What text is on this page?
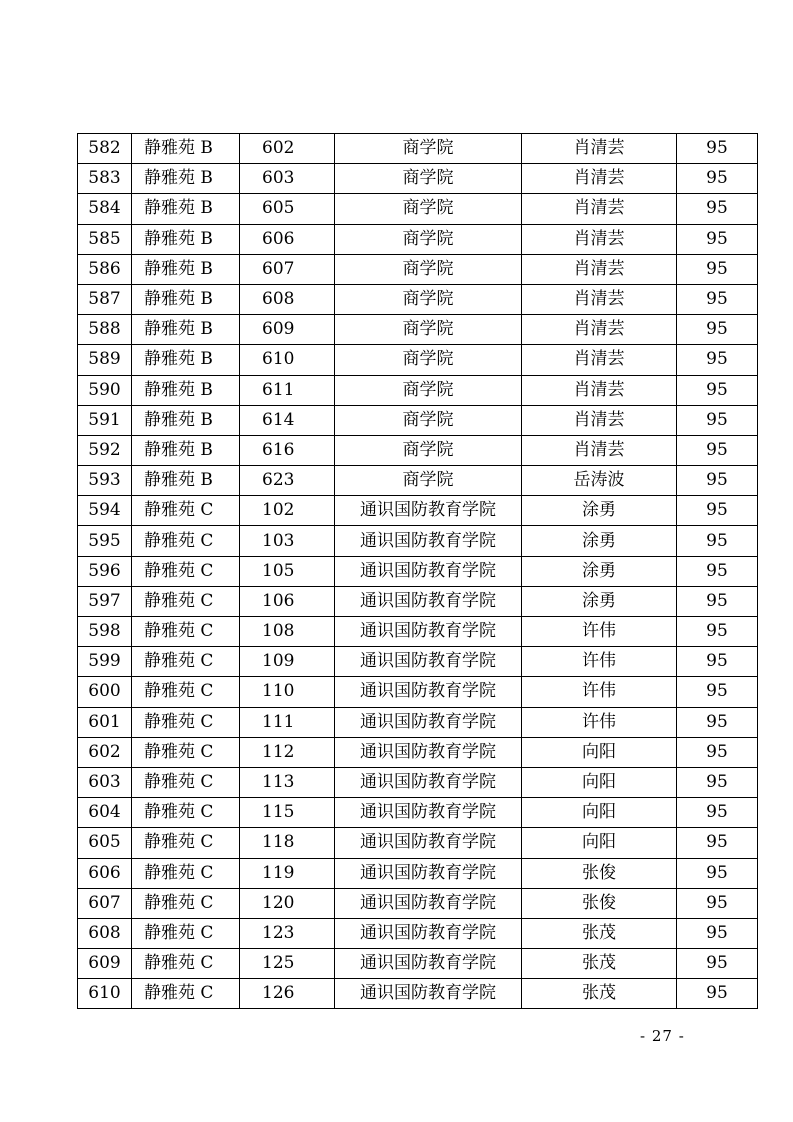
582	静雅苑 B	602	商学院	肖清芸	95
583	静雅苑 B	603	商学院	肖清芸	95
584	静雅苑 B	605	商学院	肖清芸	95
585	静雅苑 B	606	商学院	肖清芸	95
586	静雅苑 B	607	商学院	肖清芸	95
587	静雅苑 B	608	商学院	肖清芸	95
588	静雅苑 B	609	商学院	肖清芸	95
589	静雅苑 B	610	商学院	肖清芸	95
590	静雅苑 B	611	商学院	肖清芸	95
591	静雅苑 B	614	商学院	肖清芸	95
592	静雅苑 B	616	商学院	肖清芸	95
593	静雅苑 B	623	商学院	岳涛波	95
594	静雅苑 C	102	通识国防教育学院	涂勇	95
595	静雅苑 C	103	通识国防教育学院	涂勇	95
596	静雅苑 C	105	通识国防教育学院	涂勇	95
597	静雅苑 C	106	通识国防教育学院	涂勇	95
598	静雅苑 C	108	通识国防教育学院	许伟	95
599	静雅苑 C	109	通识国防教育学院	许伟	95
600	静雅苑 C	110	通识国防教育学院	许伟	95
601	静雅苑 C	111	通识国防教育学院	许伟	95
602	静雅苑 C	112	通识国防教育学院	向阳	95
603	静雅苑 C	113	通识国防教育学院	向阳	95
604	静雅苑 C	115	通识国防教育学院	向阳	95
605	静雅苑 C	118	通识国防教育学院	向阳	95
606	静雅苑 C	119	通识国防教育学院	张俊	95
607	静雅苑 C	120	通识国防教育学院	张俊	95
608	静雅苑 C	123	通识国防教育学院	张茂	95
609	静雅苑 C	125	通识国防教育学院	张茂	95
610	静雅苑 C	126	通识国防教育学院	张茂	95
- 27 -
